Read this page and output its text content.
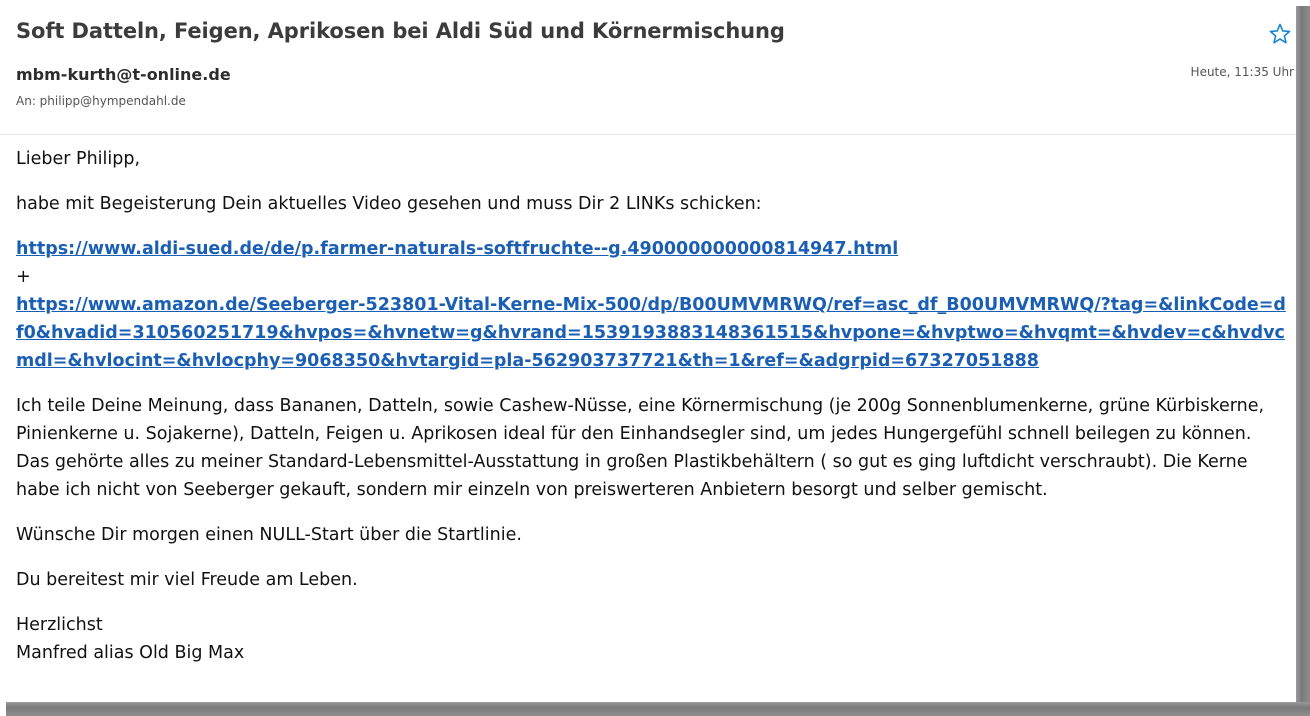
Soft Datteln, Feigen, Aprikosen bei Aldi Süd und Körnermischung
mbm-kurth@t-online.de
An: philipp@hympendahl.de
Heute, 11:35 Uhr

Lieber Philipp,

habe mit Begeisterung Dein aktuelles Video gesehen und muss Dir 2 LINKs schicken:

https://www.aldi-sued.de/de/p.farmer-naturals-softfruchte--g.490000000000814947.html
+
https://www.amazon.de/Seeberger-523801-Vital-Kerne-Mix-500/dp/B00UMVMRWQ/ref=asc_df_B00UMVMRWQ/?tag=&linkCode=df0&hvadid=310560251719&hvpos=&hvnetw=g&hvrand=1539193883148361515&hvpone=&hvptwo=&hvqmt=&hvdev=c&hvdvcmdl=&hvlocint=&hvlocphy=9068350&hvtargid=pla-562903737721&th=1&ref=&adgrpid=67327051888

Ich teile Deine Meinung, dass Bananen, Datteln, sowie Cashew-Nüsse, eine Körnermischung (je 200g Sonnenblumenkerne, grüne Kürbiskerne, Pinienkerne u. Sojakerne), Datteln, Feigen u. Aprikosen ideal für den Einhandsegler sind, um jedes Hungergefühl schnell beilegen zu können. Das gehörte alles zu meiner Standard-Lebensmittel-Ausstattung in großen Plastikbehältern ( so gut es ging luftdicht verschraubt). Die Kerne habe ich nicht von Seeberger gekauft, sondern mir einzeln von preiswerteren Anbietern besorgt und selber gemischt.

Wünsche Dir morgen einen NULL-Start über die Startlinie.

Du bereitest mir viel Freude am Leben.

Herzlichst
Manfred alias Old Big Max
